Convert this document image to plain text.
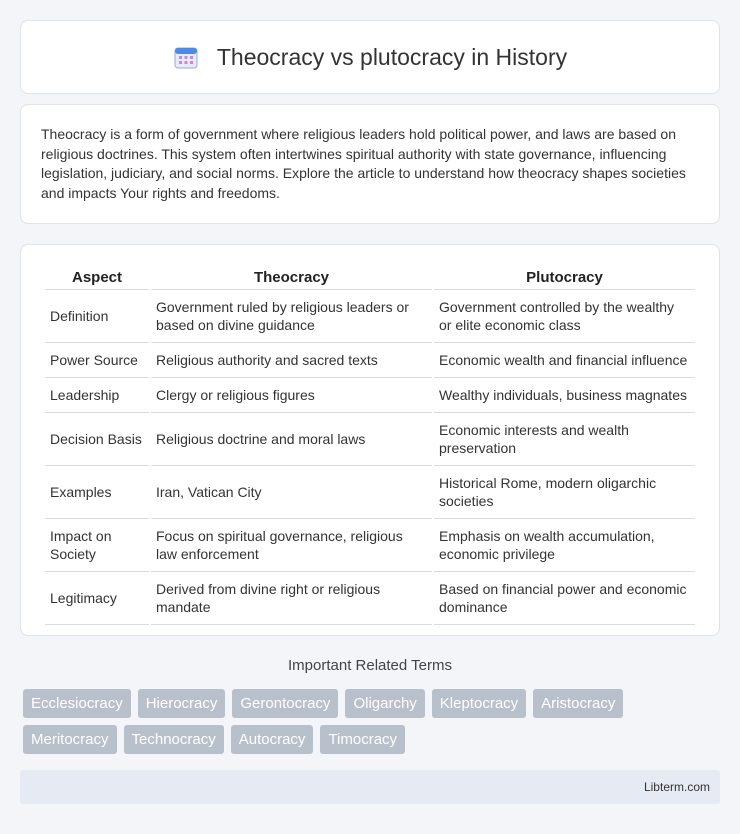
Theocracy vs plutocracy in History

Theocracy is a form of government where religious leaders hold political power, and laws are based on religious doctrines. This system often intertwines spiritual authority with state governance, influencing legislation, judiciary, and social norms. Explore the article to understand how theocracy shapes societies and impacts Your rights and freedoms.

Aspect	Theocracy	Plutocracy
Definition	Government ruled by religious leaders or based on divine guidance	Government controlled by the wealthy or elite economic class
Power Source	Religious authority and sacred texts	Economic wealth and financial influence
Leadership	Clergy or religious figures	Wealthy individuals, business magnates
Decision Basis	Religious doctrine and moral laws	Economic interests and wealth preservation
Examples	Iran, Vatican City	Historical Rome, modern oligarchic societies
Impact on Society	Focus on spiritual governance, religious law enforcement	Emphasis on wealth accumulation, economic privilege
Legitimacy	Derived from divine right or religious mandate	Based on financial power and economic dominance
Important Related Terms
Ecclesiocracy	Hierocracy	Gerontocracy	Oligarchy	Kleptocracy	Aristocracy
Meritocracy	Technocracy	Autocracy	Timocracy
Libterm.com
